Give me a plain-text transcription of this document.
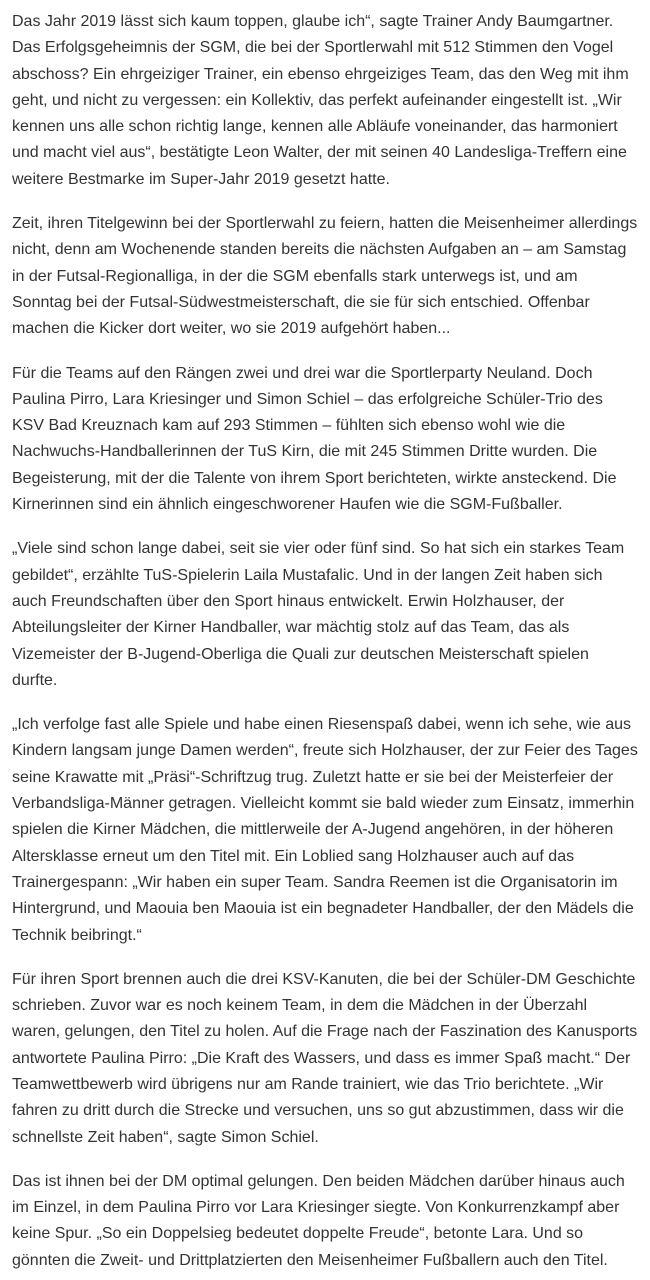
Das Jahr 2019 lässt sich kaum toppen, glaube ich“, sagte Trainer Andy Baumgartner. Das Erfolgsgeheimnis der SGM, die bei der Sportlerwahl mit 512 Stimmen den Vogel abschoss? Ein ehrgeiziger Trainer, ein ebenso ehrgeiziges Team, das den Weg mit ihm geht, und nicht zu vergessen: ein Kollektiv, das perfekt aufeinander eingestellt ist. „Wir kennen uns alle schon richtig lange, kennen alle Abläufe voneinander, das harmoniert und macht viel aus“, bestätigte Leon Walter, der mit seinen 40 Landesliga-Treffern eine weitere Bestmarke im Super-Jahr 2019 gesetzt hatte.

Zeit, ihren Titelgewinn bei der Sportlerwahl zu feiern, hatten die Meisenheimer allerdings nicht, denn am Wochenende standen bereits die nächsten Aufgaben an – am Samstag in der Futsal-Regionalliga, in der die SGM ebenfalls stark unterwegs ist, und am Sonntag bei der Futsal-Südwestmeisterschaft, die sie für sich entschied. Offenbar machen die Kicker dort weiter, wo sie 2019 aufgehört haben...

Für die Teams auf den Rängen zwei und drei war die Sportlerparty Neuland. Doch Paulina Pirro, Lara Kriesinger und Simon Schiel – das erfolgreiche Schüler-Trio des KSV Bad Kreuznach kam auf 293 Stimmen – fühlten sich ebenso wohl wie die Nachwuchs-Handballerinnen der TuS Kirn, die mit 245 Stimmen Dritte wurden. Die Begeisterung, mit der die Talente von ihrem Sport berichteten, wirkte ansteckend. Die Kirnerinnen sind ein ähnlich eingeschworener Haufen wie die SGM-Fußballer.

„Viele sind schon lange dabei, seit sie vier oder fünf sind. So hat sich ein starkes Team gebildet“, erzählte TuS-Spielerin Laila Mustafalic. Und in der langen Zeit haben sich auch Freundschaften über den Sport hinaus entwickelt. Erwin Holzhauser, der Abteilungsleiter der Kirner Handballer, war mächtig stolz auf das Team, das als Vizemeister der B-Jugend-Oberliga die Quali zur deutschen Meisterschaft spielen durfte.

„Ich verfolge fast alle Spiele und habe einen Riesenspaß dabei, wenn ich sehe, wie aus Kindern langsam junge Damen werden“, freute sich Holzhauser, der zur Feier des Tages seine Krawatte mit „Präsi“-Schriftzug trug. Zuletzt hatte er sie bei der Meisterfeier der Verbandsliga-Männer getragen. Vielleicht kommt sie bald wieder zum Einsatz, immerhin spielen die Kirner Mädchen, die mittlerweile der A-Jugend angehören, in der höheren Altersklasse erneut um den Titel mit. Ein Loblied sang Holzhauser auch auf das Trainergespann: „Wir haben ein super Team. Sandra Reemen ist die Organisatorin im Hintergrund, und Maouia ben Maouia ist ein begnadeter Handballer, der den Mädels die Technik beibringt.“

Für ihren Sport brennen auch die drei KSV-Kanuten, die bei der Schüler-DM Geschichte schrieben. Zuvor war es noch keinem Team, in dem die Mädchen in der Überzahl waren, gelungen, den Titel zu holen. Auf die Frage nach der Faszination des Kanusports antwortete Paulina Pirro: „Die Kraft des Wassers, und dass es immer Spaß macht.“ Der Teamwettbewerb wird übrigens nur am Rande trainiert, wie das Trio berichtete. „Wir fahren zu dritt durch die Strecke und versuchen, uns so gut abzustimmen, dass wir die schnellste Zeit haben“, sagte Simon Schiel.

Das ist ihnen bei der DM optimal gelungen. Den beiden Mädchen darüber hinaus auch im Einzel, in dem Paulina Pirro vor Lara Kriesinger siegte. Von Konkurrenzkampf aber keine Spur. „So ein Doppelsieg bedeutet doppelte Freude“, betonte Lara. Und so gönnten die Zweit- und Drittplatzierten den Meisenheimer Fußballern auch den Titel.
